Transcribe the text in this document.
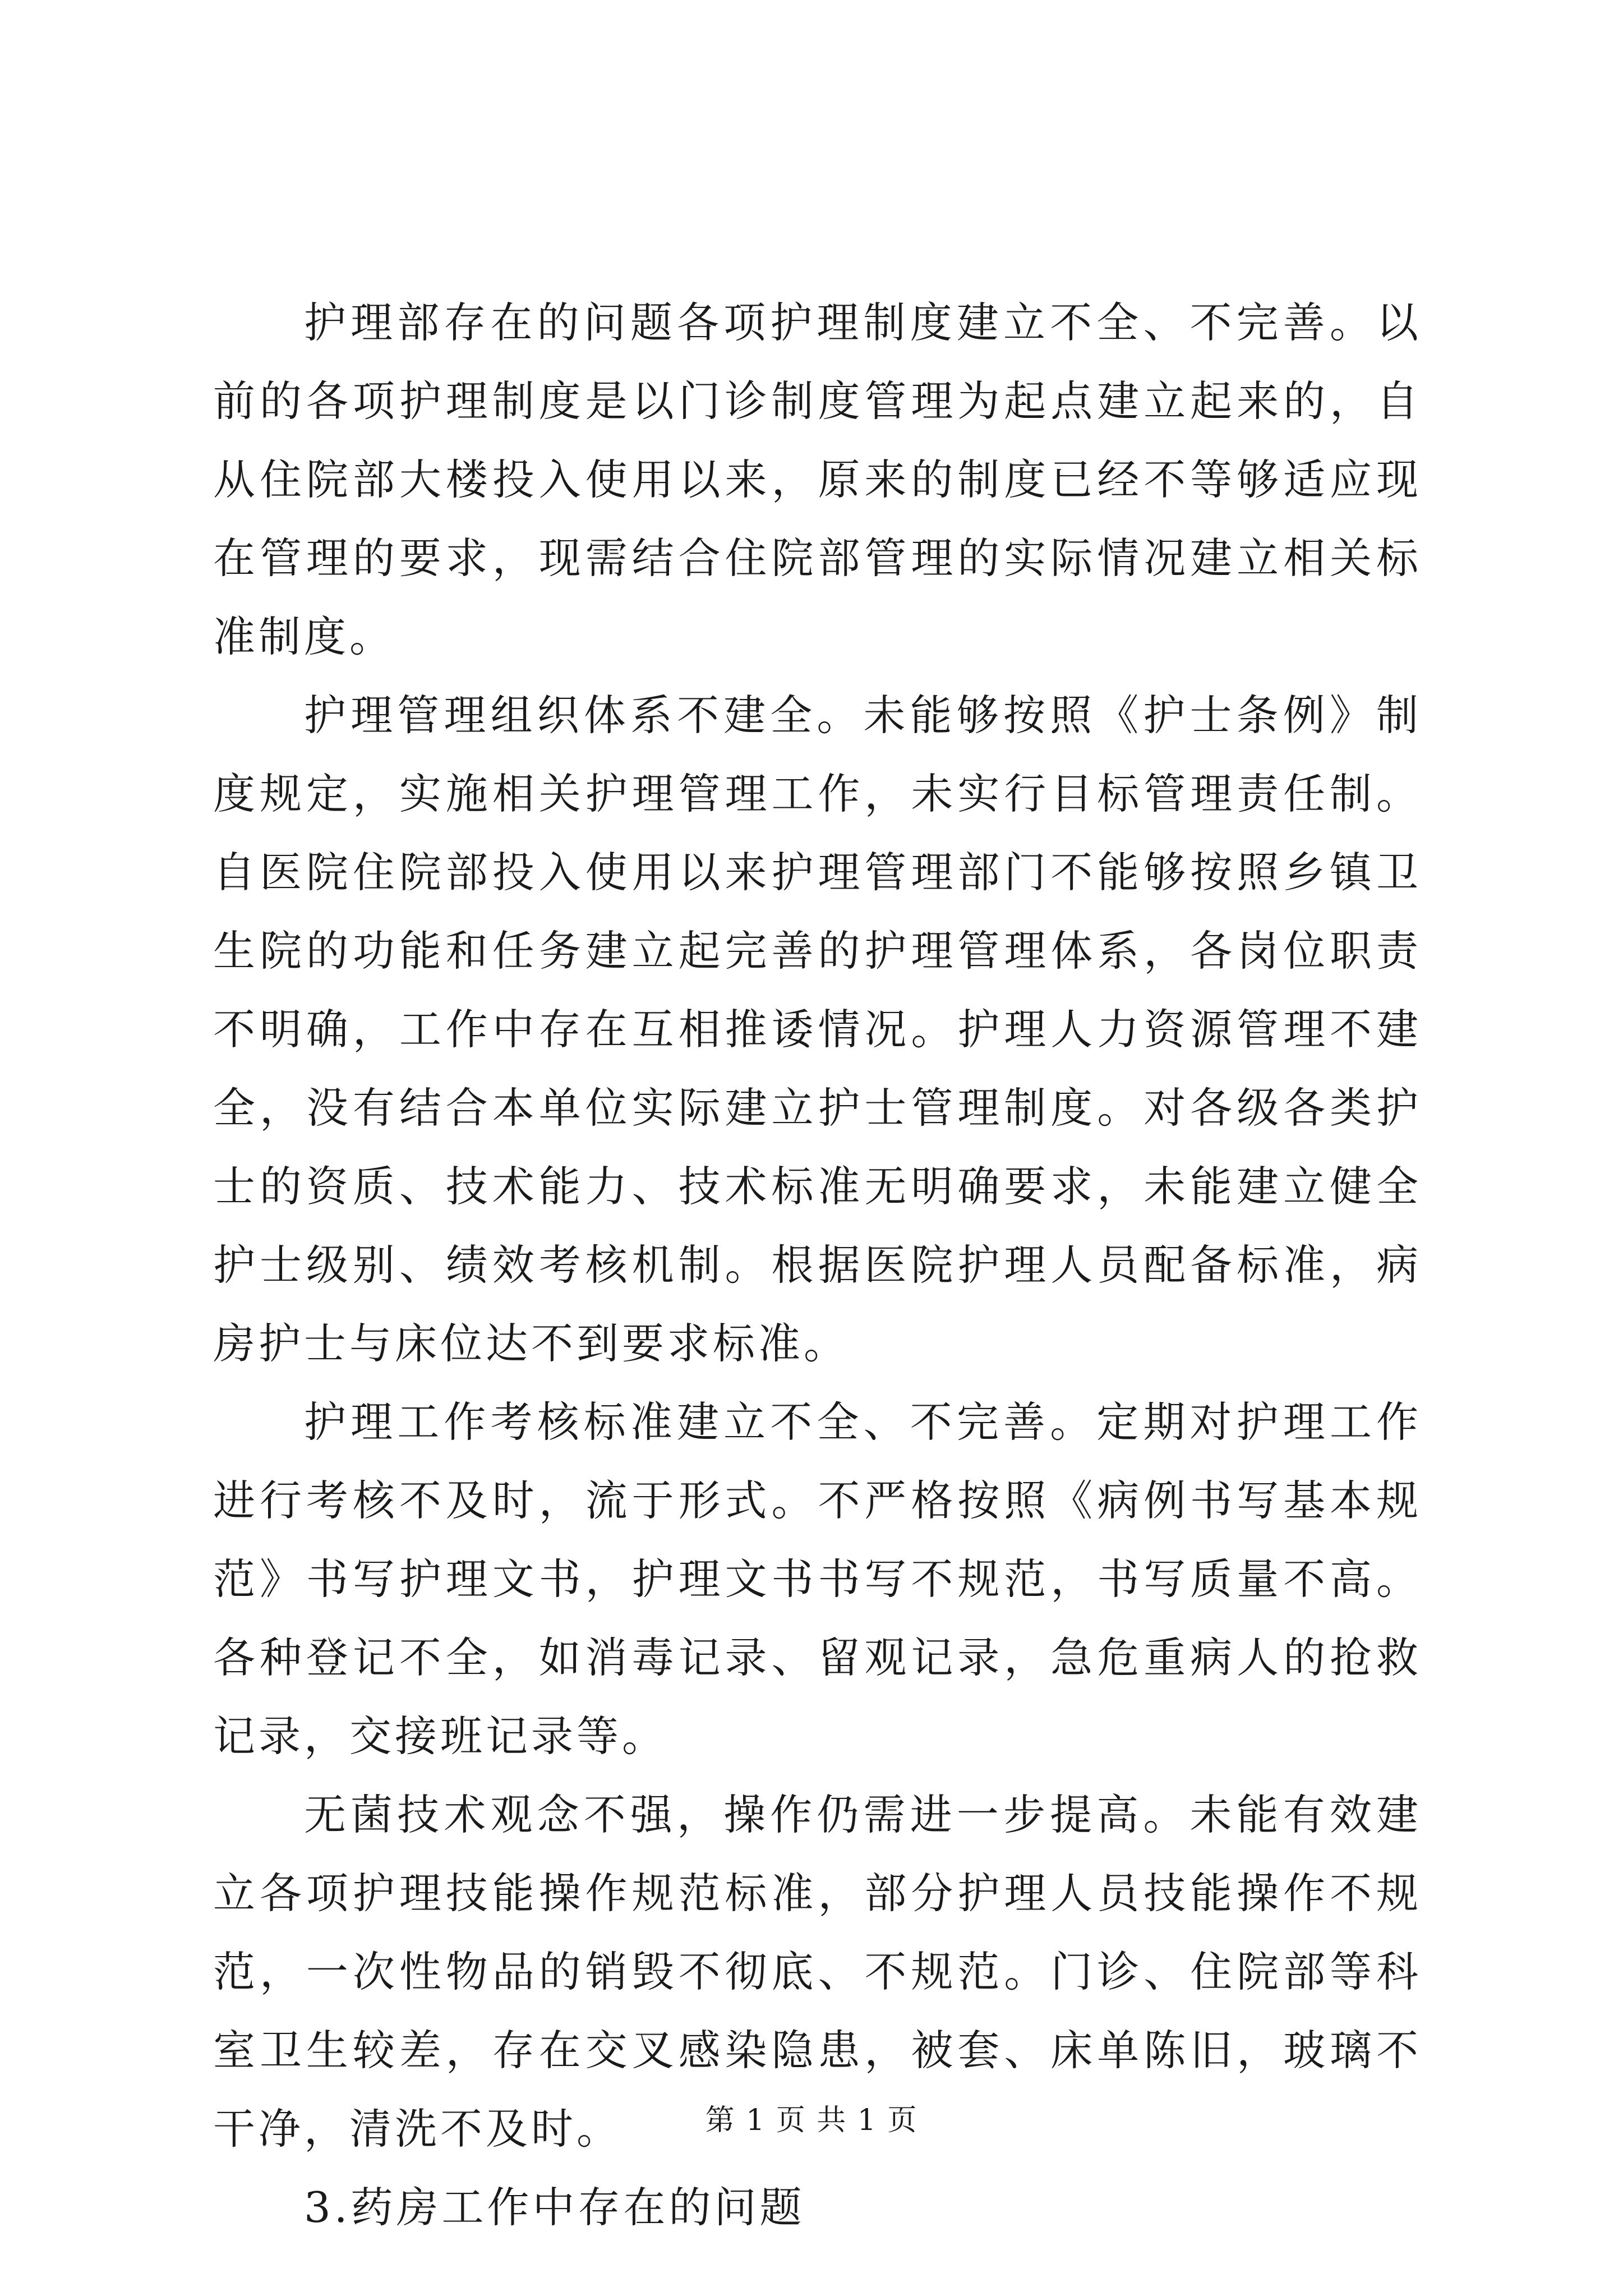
护理部存在的问题各项护理制度建立不全、不完善。以前的各项护理制度是以门诊制度管理为起点建立起来的，自从住院部大楼投入使用以来，原来的制度已经不等够适应现在管理的要求，现需结合住院部管理的实际情况建立相关标准制度。

护理管理组织体系不建全。未能够按照《护士条例》制度规定，实施相关护理管理工作，未实行目标管理责任制。自医院住院部投入使用以来护理管理部门不能够按照乡镇卫生院的功能和任务建立起完善的护理管理体系，各岗位职责不明确，工作中存在互相推诿情况。护理人力资源管理不建全，没有结合本单位实际建立护士管理制度。对各级各类护士的资质、技术能力、技术标准无明确要求，未能建立健全护士级别、绩效考核机制。根据医院护理人员配备标准，病房护士与床位达不到要求标准。

护理工作考核标准建立不全、不完善。定期对护理工作进行考核不及时，流于形式。不严格按照《病例书写基本规范》书写护理文书，护理文书书写不规范，书写质量不高。各种登记不全，如消毒记录、留观记录，急危重病人的抢救记录，交接班记录等。

无菌技术观念不强，操作仍需进一步提高。未能有效建立各项护理技能操作规范标准，部分护理人员技能操作不规范，一次性物品的销毁不彻底、不规范。门诊、住院部等科室卫生较差，存在交叉感染隐患，被套、床单陈旧，玻璃不干净，清洗不及时。

3.药房工作中存在的问题

第 1 页 共 1 页
